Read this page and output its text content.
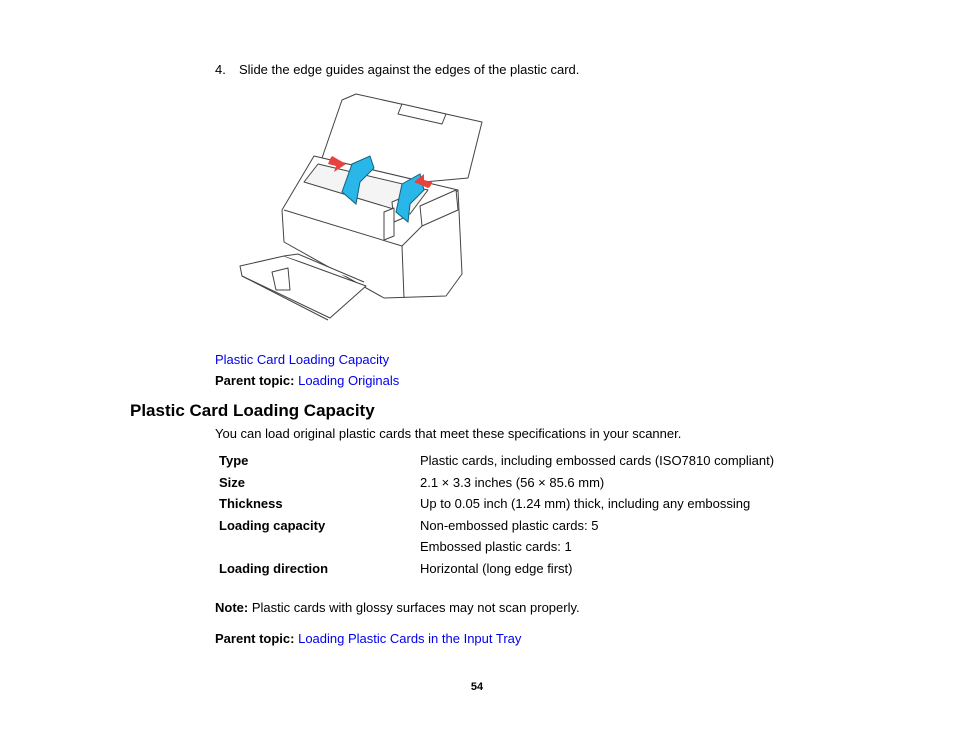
4. Slide the edge guides against the edges of the plastic card.
Plastic Card Loading Capacity
Parent topic: Loading Originals
Plastic Card Loading Capacity
You can load original plastic cards that meet these specifications in your scanner.
Type	Plastic cards, including embossed cards (ISO7810 compliant)
Size	2.1 × 3.3 inches (56 × 85.6 mm)
Thickness	Up to 0.05 inch (1.24 mm) thick, including any embossing
Loading capacity	Non-embossed plastic cards: 5
	Embossed plastic cards: 1
Loading direction	Horizontal (long edge first)
Note: Plastic cards with glossy surfaces may not scan properly.
Parent topic: Loading Plastic Cards in the Input Tray
54
